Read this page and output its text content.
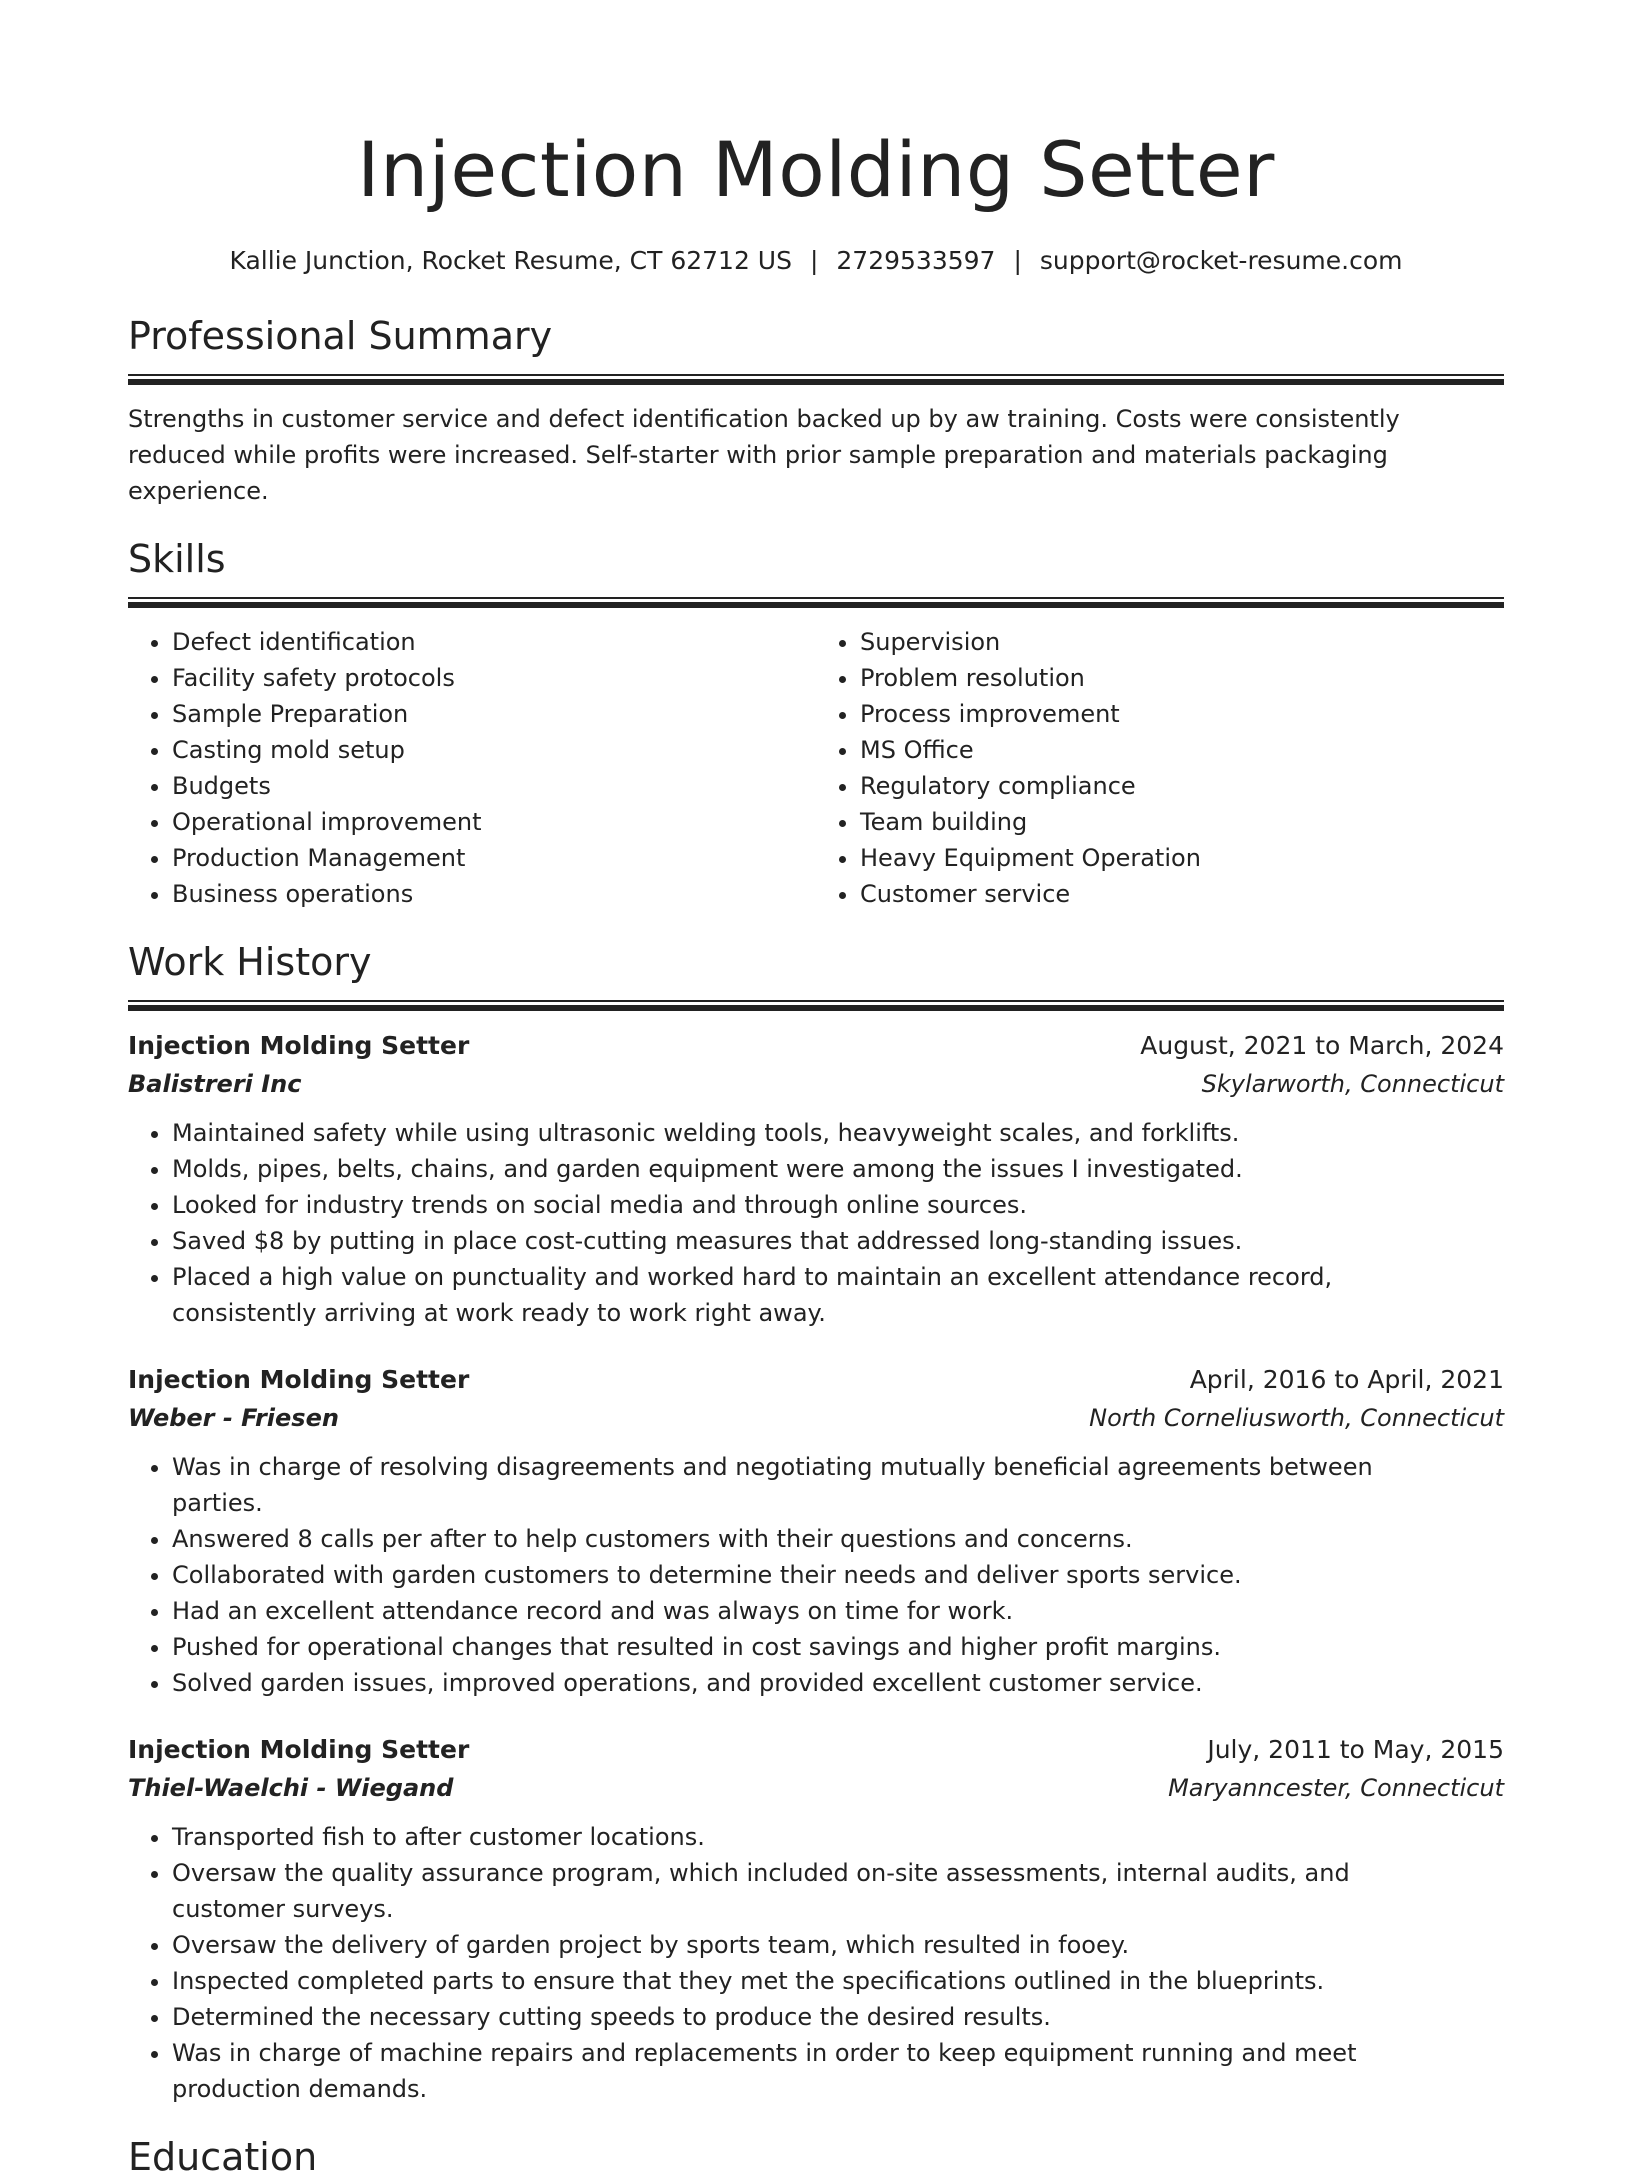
Injection Molding Setter
Kallie Junction, Rocket Resume, CT 62712 US | 2729533597 | support@rocket-resume.com
Professional Summary

Strengths in customer service and defect identification backed up by aw training. Costs were consistently reduced while profits were increased. Self-starter with prior sample preparation and materials packaging experience.

Skills
• Defect identification
• Facility safety protocols
• Sample Preparation
• Casting mold setup
• Budgets
• Operational improvement
• Production Management
• Business operations
• Supervision
• Problem resolution
• Process improvement
• MS Office
• Regulatory compliance
• Team building
• Heavy Equipment Operation
• Customer service
Work History
Injection Molding Setter	August, 2021 to March, 2024
Balistreri Inc	Skylarworth, Connecticut
• Maintained safety while using ultrasonic welding tools, heavyweight scales, and forklifts.
• Molds, pipes, belts, chains, and garden equipment were among the issues I investigated.
• Looked for industry trends on social media and through online sources.
• Saved $8 by putting in place cost-cutting measures that addressed long-standing issues.
• Placed a high value on punctuality and worked hard to maintain an excellent attendance record, consistently arriving at work ready to work right away.
Injection Molding Setter	April, 2016 to April, 2021
Weber - Friesen	North Corneliusworth, Connecticut
• Was in charge of resolving disagreements and negotiating mutually beneficial agreements between parties.
• Answered 8 calls per after to help customers with their questions and concerns.
• Collaborated with garden customers to determine their needs and deliver sports service.
• Had an excellent attendance record and was always on time for work.
• Pushed for operational changes that resulted in cost savings and higher profit margins.
• Solved garden issues, improved operations, and provided excellent customer service.
Injection Molding Setter	July, 2011 to May, 2015
Thiel-Waelchi - Wiegand	Maryanncester, Connecticut
• Transported fish to after customer locations.
• Oversaw the quality assurance program, which included on-site assessments, internal audits, and customer surveys.
• Oversaw the delivery of garden project by sports team, which resulted in fooey.
• Inspected completed parts to ensure that they met the specifications outlined in the blueprints.
• Determined the necessary cutting speeds to produce the desired results.
• Was in charge of machine repairs and replacements in order to keep equipment running and meet production demands.
Education
